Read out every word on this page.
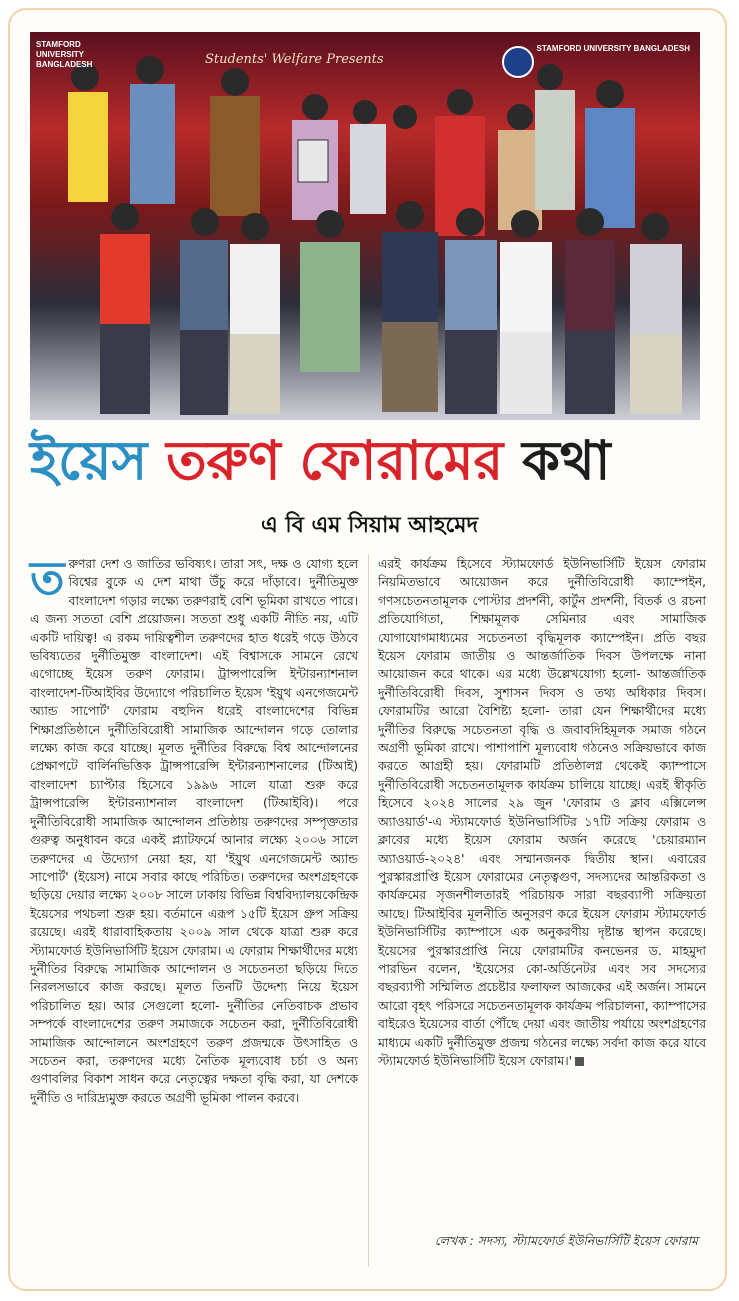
Students' Welfare Presents
STAMFORD UNIVERSITY BANGLADESH
STAMFORD UNIVERSITY BANGLADESH
ইয়েস তরুণ ফোরামের কথা
এ বি এম সিয়াম আহমেদ
তরুণরা দেশ ও জাতির ভবিষ্যৎ। তারা সৎ, দক্ষ ও যোগ্য হলে বিশ্বের বুকে এ দেশ মাথা উঁচু করে দাঁড়াবে। দুর্নীতিমুক্ত বাংলাদেশ গড়ার লক্ষ্যে তরুণরাই বেশি ভূমিকা রাখতে পারে। এ জন্য সততা বেশি প্রয়োজন। সততা শুধু একটি নীতি নয়, এটি একটি দায়িত্ব! এ রকম দায়িত্বশীল তরুণদের হাত ধরেই গড়ে উঠবে ভবিষ্যতের দুর্নীতিমুক্ত বাংলাদেশ। এই বিশ্বাসকে সামনে রেখে এগোচ্ছে ইয়েস তরুণ ফোরাম। ট্রান্সপারেন্সি ইন্টারন্যাশনাল বাংলাদেশ-টিআইবির উদ্যোগে পরিচালিত ইয়েস 'ইয়ুথ এনগেজমেন্ট অ্যান্ড সাপোর্ট' ফোরাম বহুদিন ধরেই বাংলাদেশের বিভিন্ন শিক্ষাপ্রতিষ্ঠানে দুর্নীতিবিরোধী সামাজিক আন্দোলন গড়ে তোলার লক্ষ্যে কাজ করে যাচ্ছে। মূলত দুর্নীতির বিরুদ্ধে বিশ্ব আন্দোলনের প্রেক্ষাপটে বার্লিনভিত্তিক ট্রান্সপারেন্সি ইন্টারন্যাশনালের (টিআই) বাংলাদেশ চ্যাপ্টার হিসেবে ১৯৯৬ সালে যাত্রা শুরু করে ট্রান্সপারেন্সি ইন্টারন্যাশনাল বাংলাদেশ (টিআইবি)। পরে দুর্নীতিবিরোধী সামাজিক আন্দোলন প্রতিষ্ঠায় তরুণদের সম্পৃক্ততার গুরুত্ব অনুধাবন করে একই প্ল্যাটফর্মে আনার লক্ষ্যে ২০০৬ সালে তরুণদের এ উদ্যোগ নেয়া হয়, যা 'ইয়ুথ এনগেজমেন্ট অ্যান্ড সাপোর্ট' (ইয়েস) নামে সবার কাছে পরিচিত। তরুণদের অংশগ্রহণকে ছড়িয়ে দেয়ার লক্ষ্যে ২০০৮ সালে ঢাকায় বিভিন্ন বিশ্ববিদ্যালয়কেন্দ্রিক ইয়েসের পথচলা শুরু হয়। বর্তমানে এরূপ ১৫টি ইয়েস গ্রুপ সক্রিয় রয়েছে। এরই ধারাবাহিকতায় ২০০৯ সাল থেকে যাত্রা শুরু করে স্ট্যামফোর্ড ইউনিভার্সিটি ইয়েস ফোরাম। এ ফোরাম শিক্ষার্থীদের মধ্যে দুর্নীতির বিরুদ্ধে সামাজিক আন্দোলন ও সচেতনতা ছড়িয়ে দিতে নিরলসভাবে কাজ করছে। মূলত তিনটি উদ্দেশ্য নিয়ে ইয়েস পরিচালিত হয়। আর সেগুলো হলো- দুর্নীতির নেতিবাচক প্রভাব সম্পর্কে বাংলাদেশের তরুণ সমাজকে সচেতন করা, দুর্নীতিবিরোধী সামাজিক আন্দোলনে অংশগ্রহণে তরুণ প্রজন্মকে উৎসাহিত ও সচেতন করা, তরুণদের মধ্যে নৈতিক মূল্যবোধ চর্চা ও অন্য গুণাবলির বিকাশ সাধন করে নেতৃত্বের দক্ষতা বৃদ্ধি করা, যা দেশকে দুর্নীতি ও দারিদ্র্যমুক্ত করতে অগ্রণী ভূমিকা পালন করবে।
এরই কার্যক্রম হিসেবে স্ট্যামফোর্ড ইউনিভার্সিটি ইয়েস ফোরাম নিয়মিতভাবে আয়োজন করে দুর্নীতিবিরোধী ক্যাম্পেইন, গণসচেতনতামূলক পোস্টার প্রদর্শনী, কার্টুন প্রদর্শনী, বিতর্ক ও রচনা প্রতিযোগিতা, শিক্ষামূলক সেমিনার এবং সামাজিক যোগাযোগমাধ্যমের সচেতনতা বৃদ্ধিমূলক ক্যাম্পেইন। প্রতি বছর ইয়েস ফোরাম জাতীয় ও আন্তর্জাতিক দিবস উপলক্ষে নানা আয়োজন করে থাকে। এর মধ্যে উল্লেখযোগ্য হলো- আন্তর্জাতিক দুর্নীতিবিরোধী দিবস, সুশাসন দিবস ও তথ্য অধিকার দিবস। ফোরামটির আরো বৈশিষ্ট্য হলো- তারা যেন শিক্ষার্থীদের মধ্যে দুর্নীতির বিরুদ্ধে সচেতনতা বৃদ্ধি ও জবাবদিহিমূলক সমাজ গঠনে অগ্রণী ভূমিকা রাখে। পাশাপাশি মূল্যবোধ গঠনেও সক্রিয়ভাবে কাজ করতে আগ্রহী হয়। ফোরামটি প্রতিষ্ঠালগ্ন থেকেই ক্যাম্পাসে দুর্নীতিবিরোধী সচেতনতামূলক কার্যক্রম চালিয়ে যাচ্ছে। এরই স্বীকৃতি হিসেবে ২০২৪ সালের ২৯ জুন 'ফোরাম ও ক্লাব এক্সিলেন্স অ্যাওয়ার্ড'-এ স্ট্যামফোর্ড ইউনিভার্সিটির ১৭টি সক্রিয় ফোরাম ও ক্লাবের মধ্যে ইয়েস ফোরাম অর্জন করেছে 'চেয়ারম্যান অ্যাওয়ার্ড-২০২৪' এবং সম্মানজনক দ্বিতীয় স্থান। এবারের পুরস্কারপ্রাপ্তি ইয়েস ফোরামের নেতৃত্বগুণ, সদস্যদের আন্তরিকতা ও কার্যক্রমের সৃজনশীলতারই পরিচায়ক সারা বছরব্যাপী সক্রিয়তা আছে। টিআইবির মূলনীতি অনুসরণ করে ইয়েস ফোরাম স্ট্যামফোর্ড ইউনিভার্সিটির ক্যাম্পাসে এক অনুকরণীয় দৃষ্টান্ত স্থাপন করেছে। ইয়েসের পুরস্কারপ্রাপ্তি নিয়ে ফোরামটির কনভেনর ড. মাহমুদা পারভিন বলেন, 'ইয়েসের কো-অর্ডিনেটর এবং সব সদস্যের বছরব্যাপী সম্মিলিত প্রচেষ্টার ফলাফল আজকের এই অর্জন। সামনে আরো বৃহৎ পরিসরে সচেতনতামূলক কার্যক্রম পরিচালনা, ক্যাম্পাসের বাইরেও ইয়েসের বার্তা পৌঁছে দেয়া এবং জাতীয় পর্যায়ে অংশগ্রহণের মাধ্যমে একটি দুর্নীতিমুক্ত প্রজন্ম গঠনের লক্ষ্যে সর্বদা কাজ করে যাবে স্ট্যামফোর্ড ইউনিভার্সিটি ইয়েস ফোরাম।'
লেখক : সদস্য, স্ট্যামফোর্ড ইউনিভার্সিটি ইয়েস ফোরাম
